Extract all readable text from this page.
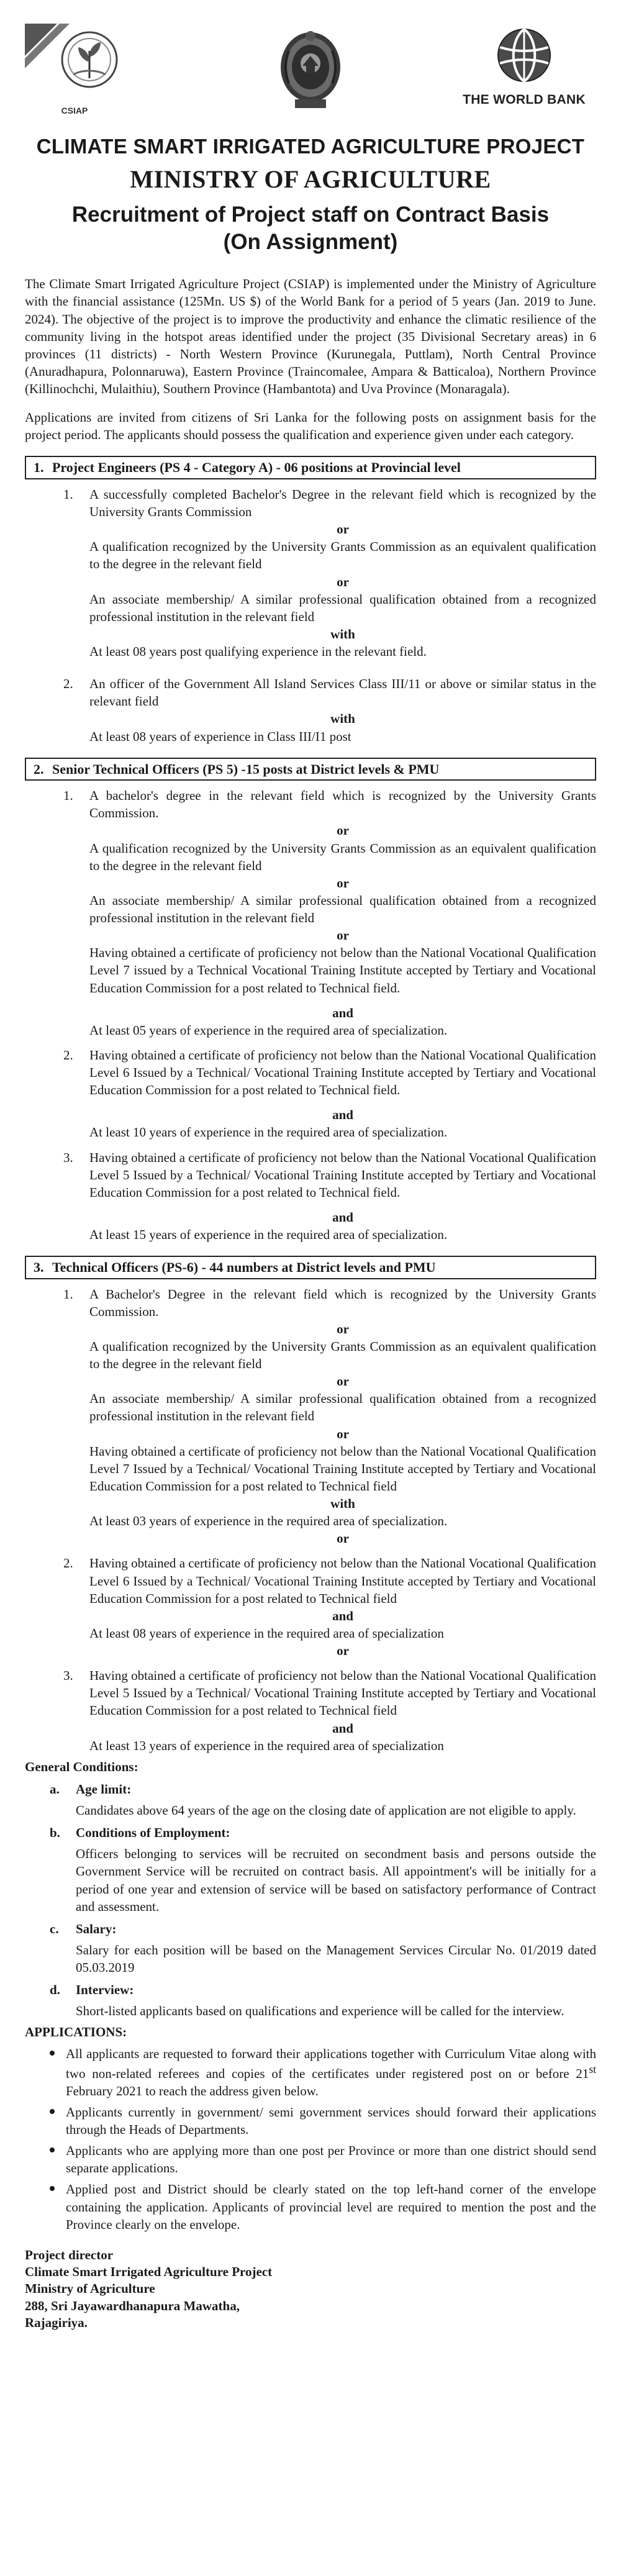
CSIAP
THE WORLD BANK
CLIMATE SMART IRRIGATED AGRICULTURE PROJECT
MINISTRY OF AGRICULTURE
Recruitment of Project staff on Contract Basis
(On Assignment)

The Climate Smart Irrigated Agriculture Project (CSIAP) is implemented under the Ministry of Agriculture with the financial assistance (125Mn. US $) of the World Bank for a period of 5 years (Jan. 2019 to June. 2024). The objective of the project is to improve the productivity and enhance the climatic resilience of the community living in the hotspot areas identified under the project (35 Divisional Secretary areas) in 6 provinces (11 districts) - North Western Province (Kurunegala, Puttlam), North Central Province (Anuradhapura, Polonnaruwa), Eastern Province (Traincomalee, Ampara & Batticaloa), Northern Province (Killinochchi, Mulaithiu), Southern Province (Hambantota) and Uva Province (Monaragala).

Applications are invited from citizens of Sri Lanka for the following posts on assignment basis for the project period. The applicants should possess the qualification and experience given under each category.

1. Project Engineers (PS 4 - Category A) - 06 positions at Provincial level
1. A successfully completed Bachelor's Degree in the relevant field which is recognized by the University Grants Commission

or

A qualification recognized by the University Grants Commission as an equivalent qualification to the degree in the relevant field

or

An associate membership/ A similar professional qualification obtained from a recognized professional institution in the relevant field

with

At least 08 years post qualifying experience in the relevant field.

2. An officer of the Government All Island Services Class III/11 or above or similar status in the relevant field

with

At least 08 years of experience in Class III/I1 post

2. Senior Technical Officers (PS 5) -15 posts at District levels & PMU
1. A bachelor's degree in the relevant field which is recognized by the University Grants Commission.

or

A qualification recognized by the University Grants Commission as an equivalent qualification to the degree in the relevant field

or

An associate membership/ A similar professional qualification obtained from a recognized professional institution in the relevant field

or

Having obtained a certificate of proficiency not below than the National Vocational Qualification Level 7 issued by a Technical Vocational Training Institute accepted by Tertiary and Vocational Education Commission for a post related to Technical field.

and

At least 05 years of experience in the required area of specialization.

2. Having obtained a certificate of proficiency not below than the National Vocational Qualification Level 6 Issued by a Technical/ Vocational Training Institute accepted by Tertiary and Vocational Education Commission for a post related to Technical field.

and

At least 10 years of experience in the required area of specialization.

3. Having obtained a certificate of proficiency not below than the National Vocational Qualification Level 5 Issued by a Technical/ Vocational Training Institute accepted by Tertiary and Vocational Education Commission for a post related to Technical field.

and

At least 15 years of experience in the required area of specialization.

3. Technical Officers (PS-6) - 44 numbers at District levels and PMU
1. A Bachelor's Degree in the relevant field which is recognized by the University Grants Commission.

or

A qualification recognized by the University Grants Commission as an equivalent qualification to the degree in the relevant field

or

An associate membership/ A similar professional qualification obtained from a recognized professional institution in the relevant field

or

Having obtained a certificate of proficiency not below than the National Vocational Qualification Level 7 Issued by a Technical/ Vocational Training Institute accepted by Tertiary and Vocational Education Commission for a post related to Technical field

with

At least 03 years of experience in the required area of specialization.

or
2. Having obtained a certificate of proficiency not below than the National Vocational Qualification Level 6 Issued by a Technical/ Vocational Training Institute accepted by Tertiary and Vocational Education Commission for a post related to Technical field

and

At least 08 years of experience in the required area of specialization

or
3. Having obtained a certificate of proficiency not below than the National Vocational Qualification Level 5 Issued by a Technical/ Vocational Training Institute accepted by Tertiary and Vocational Education Commission for a post related to Technical field

and

At least 13 years of experience in the required area of specialization

General Conditions:
a. Age limit:

Candidates above 64 years of the age on the closing date of application are not eligible to apply.

b. Conditions of Employment:

Officers belonging to services will be recruited on secondment basis and persons outside the Government Service will be recruited on contract basis. All appointment's will be initially for a period of one year and extension of service will be based on satisfactory performance of Contract and assessment.

c. Salary:

Salary for each position will be based on the Management Services Circular No. 01/2019 dated 05.03.2019

d. Interview:

Short-listed applicants based on qualifications and experience will be called for the interview.

APPLICATIONS:

All applicants are requested to forward their applications together with Curriculum Vitae along with two non-related referees and copies of the certificates under registered post on or before 21st February 2021 to reach the address given below.

Applicants currently in government/ semi government services should forward their applications through the Heads of Departments.

Applicants who are applying more than one post per Province or more than one district should send separate applications.

Applied post and District should be clearly stated on the top left-hand corner of the envelope containing the application. Applicants of provincial level are required to mention the post and the Province clearly on the envelope.

Project director
Climate Smart Irrigated Agriculture Project
Ministry of Agriculture
288, Sri Jayawardhanapura Mawatha,
Rajagiriya.
